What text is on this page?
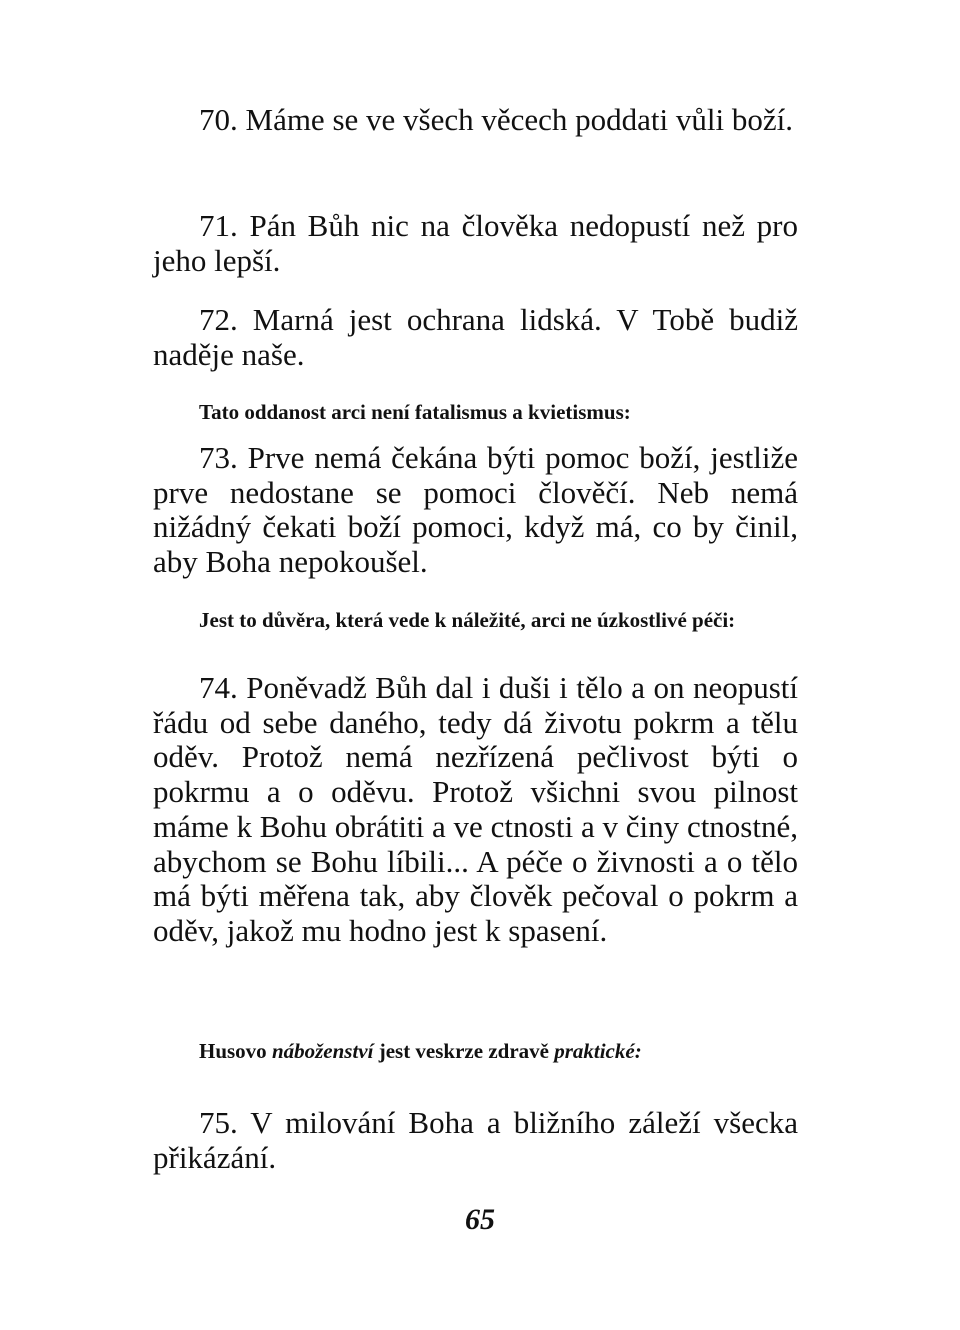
70. Máme se ve všech věcech poddati vůli boží.

71. Pán Bůh nic na člověka nedopustí než pro jeho lepší.

72. Marná jest ochrana lidská. V Tobě budiž naděje naše.

Tato oddanost arci není fatalismus a kvietismus:

73. Prve nemá čekána býti pomoc boží, jestliže prve nedostane se pomoci člověčí. Neb nemá nižádný čekati boží pomoci, když má, co by činil, aby Boha nepokoušel.

Jest to důvěra, která vede k náležité, arci ne úzkostlivé péči:

74. Poněvadž Bůh dal i duši i tělo a on neopustí řádu od sebe daného, tedy dá životu pokrm a tělu oděv. Protož nemá nezřízená pečlivost býti o pokrmu a o oděvu. Protož všichni svou pilnost máme k Bohu obrátiti a ve ctnosti a v činy ctnostné, abychom se Bohu líbili... A péče o živnosti a o tělo má býti měřena tak, aby člověk pečoval o pokrm a oděv, jakož mu hodno jest k spasení.

Husovo náboženství jest veskrze zdravě praktické:

75. V milování Boha a bližního záleží všecka přikázání.

65
